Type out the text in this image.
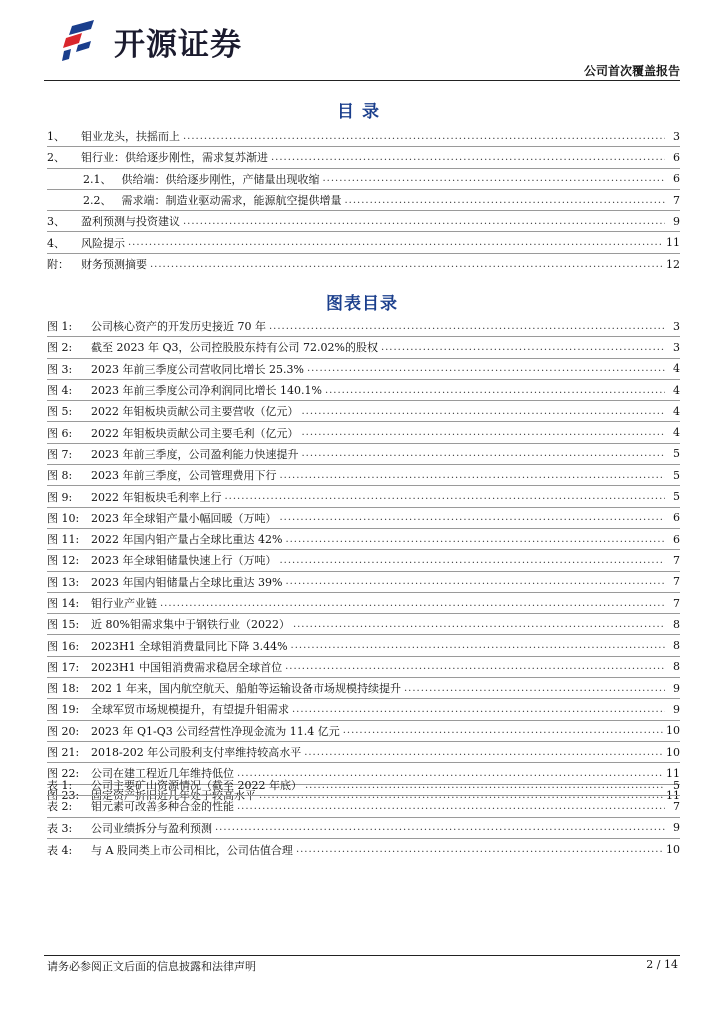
开源证券
公司首次覆盖报告
目录
1、	钼业龙头，扶摇而上 .....	3
2、	钼行业：供给逐步刚性，需求复苏渐进 .....	6
2.1、 供给端：供给逐步刚性，产储量出现收缩 .....	6
2.2、 需求端：制造业驱动需求，能源航空提供增量 .....	7
3、	盈利预测与投资建议 .....	9
4、	风险提示 .....	11
附：	财务预测摘要 .....	12
图表目录
图 1:	公司核心资产的开发历史接近 70 年 .....	3
图 2:	截至 2023 年 Q3，公司控股股东持有公司 72.02%的股权 .....	3
图 3:	2023 年前三季度公司营收同比增长 25.3% .....	4
图 4:	2023 年前三季度公司净利润同比增长 140.1% .....	4
图 5:	2022 年钼板块贡献公司主要营收（亿元） .....	4
图 6:	2022 年钼板块贡献公司主要毛利（亿元） .....	4
图 7:	2023 年前三季度，公司盈利能力快速提升 .....	5
图 8:	2023 年前三季度，公司管理费用下行 .....	5
图 9:	2022 年钼板块毛利率上行 .....	5
图 10:	2023 年全球钼产量小幅回暖（万吨） .....	6
图 11:	2022 年国内钼产量占全球比重达 42% .....	6
图 12:	2023 年全球钼储量快速上行（万吨） .....	7
图 13:	2023 年国内钼储量占全球比重达 39% .....	7
图 14:	钼行业产业链 .....	7
图 15:	近 80%钼需求集中于钢铁行业（2022） .....	8
图 16:	2023H1 全球钼消费量同比下降 3.44% .....	8
图 17:	2023H1 中国钼消费需求稳居全球首位 .....	8
图 18:	202 1 年来，国内航空航天、船舶等运输设备市场规模持续提升 .....	9
图 19:	全球军贸市场规模提升，有望提升钼需求 .....	9
图 20:	2023 年 Q1-Q3 公司经营性净现金流为 11.4 亿元 .....	10
图 21:	2018-202 年公司股利支付率维持较高水平 .....	10
图 22:	公司在建工程近几年维持低位 .....	11
图 23:	固定资产折旧近几年处于较高水平 .....	11
表 1:	公司主要矿山资源情况（截至 2022 年底） .....	5
表 2:	钼元素可改善多种合金的性能 .....	7
表 3:	公司业绩拆分与盈利预测 .....	9
表 4:	与 A 股同类上市公司相比，公司估值合理 .....	10
请务必参阅正文后面的信息披露和法律声明	2 / 14
